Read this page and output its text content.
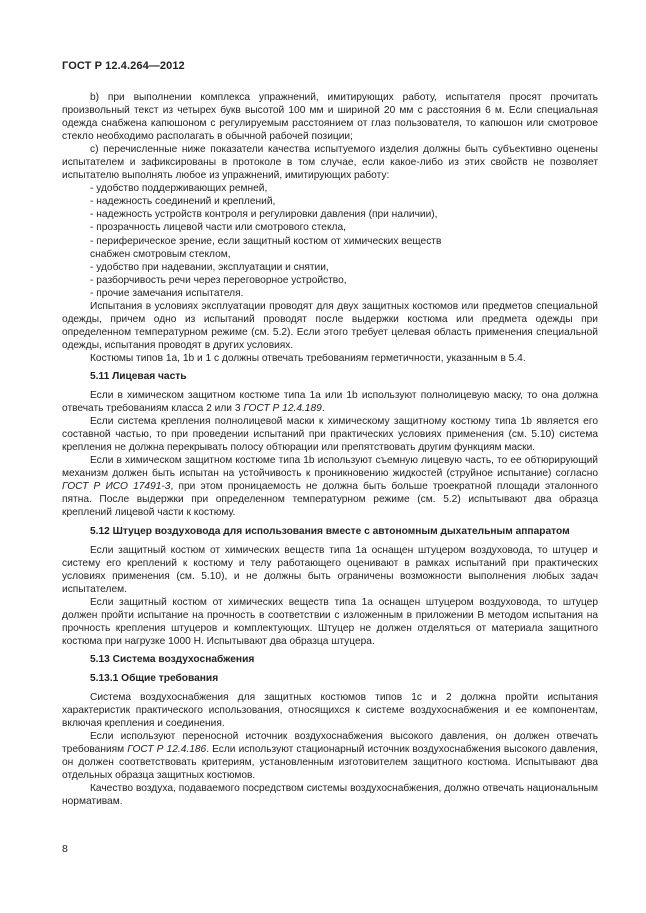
ГОСТ Р 12.4.264—2012

b) при выполнении комплекса упражнений, имитирующих работу, испытателя просят прочитать произвольный текст из четырех букв высотой 100 мм и шириной 20 мм с расстояния 6 м. Если специальная одежда снабжена капюшоном с регулируемым расстоянием от глаз пользователя, то капюшон или смотровое стекло необходимо располагать в обычной рабочей позиции;

с) перечисленные ниже показатели качества испытуемого изделия должны быть субъективно оценены испытателем и зафиксированы в протоколе в том случае, если какое-либо из этих свойств не позволяет испытателю выполнять любое из упражнений, имитирующих работу:

- удобство поддерживающих ремней,

- надежность соединений и креплений,

- надежность устройств контроля и регулировки давления (при наличии),

- прозрачность лицевой части или смотрового стекла,

- периферическое зрение, если защитный костюм от химических веществ

снабжен смотровым стеклом,

- удобство при надевании, эксплуатации и снятии,

- разборчивость речи через переговорное устройство,

- прочие замечания испытателя.

Испытания в условиях эксплуатации проводят для двух защитных костюмов или предметов специальной одежды, причем одно из испытаний проводят после выдержки костюма или предмета одежды при определенном температурном режиме (см. 5.2). Если этого требует целевая область применения специальной одежды, испытания проводят в других условиях.

Костюмы типов 1а, 1b и 1 с должны отвечать требованиям герметичности, указанным в 5.4.

5.11 Лицевая часть

Если в химическом защитном костюме типа 1а или 1b используют полнолицевую маску, то она должна отвечать требованиям класса 2 или 3 ГОСТ Р 12.4.189.

Если система крепления полнолицевой маски к химическому защитному костюму типа 1b является его составной частью, то при проведении испытаний при практических условиях применения (см. 5.10) система крепления не должна перекрывать полосу обтюрации или препятствовать другим функциям маски.

Если в химическом защитном костюме типа 1b используют съемную лицевую часть, то ее обтюрирующий механизм должен быть испытан на устойчивость к проникновению жидкостей (струйное испытание) согласно ГОСТ Р ИСО 17491-3, при этом проницаемость не должна быть больше троекратной площади эталонного пятна. После выдержки при определенном температурном режиме (см. 5.2) испытывают два образца креплений лицевой части к костюму.

5.12 Штуцер воздуховода для использования вместе с автономным дыхательным аппаратом

Если защитный костюм от химических веществ типа 1а оснащен штуцером воздуховода, то штуцер и систему его креплений к костюму и телу работающего оценивают в рамках испытаний при практических условиях применения (см. 5.10), и не должны быть ограничены возможности выполнения любых задач испытателем.

Если защитный костюм от химических веществ типа 1а оснащен штуцером воздуховода, то штуцер должен пройти испытание на прочность в соответствии с изложенным в приложении В методом испытания на прочность крепления штуцеров и комплектующих. Штуцер не должен отделяться от материала защитного костюма при нагрузке 1000 Н. Испытывают два образца штуцера.

5.13 Система воздухоснабжения
5.13.1 Общие требования

Система воздухоснабжения для защитных костюмов типов 1с и 2 должна пройти испытания характеристик практического использования, относящихся к системе воздухоснабжения и ее компонентам, включая крепления и соединения.

Если используют переносной источник воздухоснабжения высокого давления, он должен отвечать требованиям ГОСТ Р 12.4.186. Если используют стационарный источник воздухоснабжения высокого давления, он должен соответствовать критериям, установленным изготовителем защитного костюма. Испытывают два отдельных образца защитных костюмов.

Качество воздуха, подаваемого посредством системы воздухоснабжения, должно отвечать национальным нормативам.

8
